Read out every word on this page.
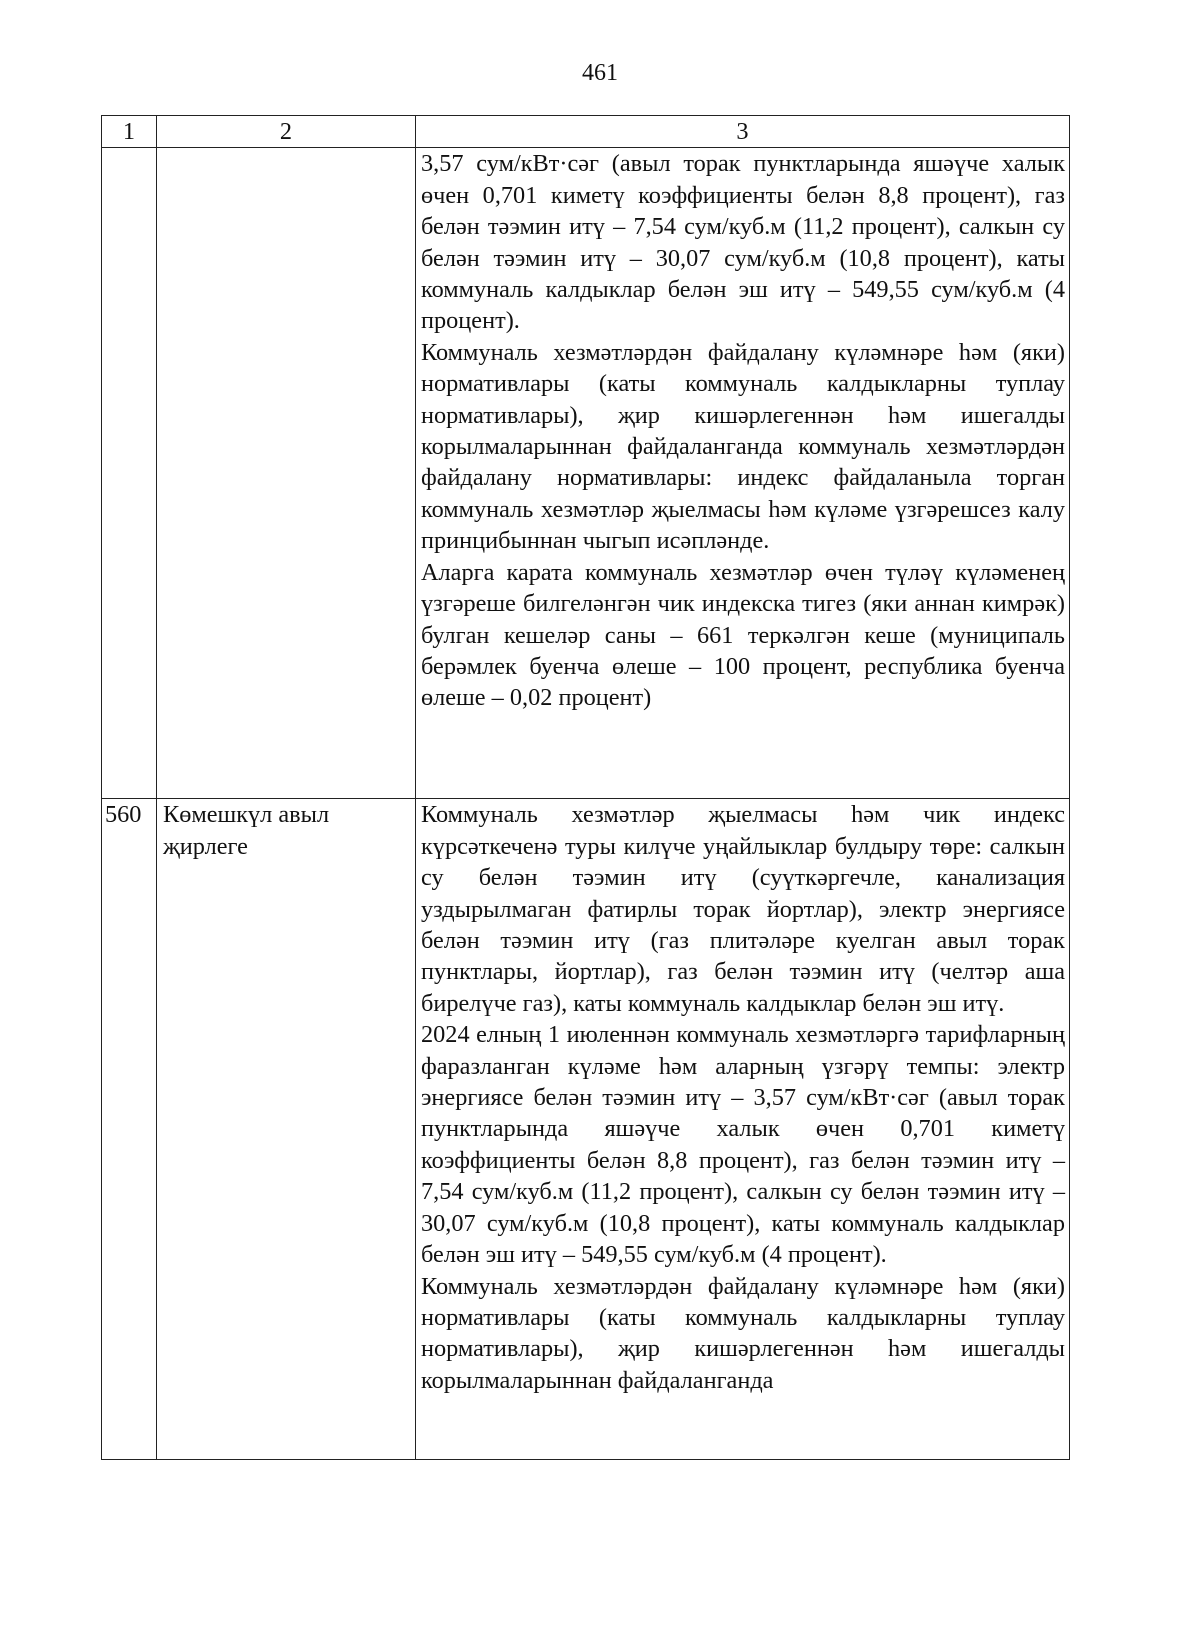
461
1	2	3

		3,57 сум/кВт·сәг (авыл торак пунктларында яшәүче халык өчен 0,701 киметү коэффициенты белән 8,8 процент), газ белән тәэмин итү – 7,54 сум/куб.м (11,2 процент), салкын су белән тәэмин итү – 30,07 сум/куб.м (10,8 процент), каты коммуналь калдыклар белән эш итү – 549,55 сум/куб.м (4 процент).

Коммуналь хезмәтләрдән файдалану күләмнәре һәм (яки) нормативлары (каты коммуналь калдыкларны туплау нормативлары), җир кишәрлегеннән һәм ишегалды корылмаларыннан файдаланганда коммуналь хезмәтләрдән файдалану нормативлары: индекс файдаланыла торган коммуналь хезмәтләр җыелмасы һәм күләме үзгәрешсез калу принцибыннан чыгып исәпләнде.

Аларга карата коммуналь хезмәтләр өчен түләү күләменең үзгәреше билгеләнгән чик индекска тигез (яки аннан кимрәк) булган кешеләр саны – 661 теркәлгән кеше (муниципаль берәмлек буенча өлеше – 100 процент, республика буенча өлеше – 0,02 процент)

560	Көмешкүл авыл җирлеге	Коммуналь хезмәтләр җыелмасы һәм чик индекс күрсәткеченә туры килүче уңайлыклар булдыру төре: салкын су белән тәэмин итү (суүткәргечле, канализация уздырылмаган фатирлы торак йортлар), электр энергиясе белән тәэмин итү (газ плитәләре куелган авыл торак пунктлары, йортлар), газ белән тәэмин итү (челтәр аша бирелүче газ), каты коммуналь калдыклар белән эш итү.

2024 елның 1 июленнән коммуналь хезмәтләргә тарифларның фаразланган күләме һәм аларның үзгәрү темпы: электр энергиясе белән тәэмин итү – 3,57 сум/кВт·сәг (авыл торак пунктларында яшәүче халык өчен 0,701 киметү коэффициенты белән 8,8 процент), газ белән тәэмин итү – 7,54 сум/куб.м (11,2 процент), салкын су белән тәэмин итү – 30,07 сум/куб.м (10,8 процент), каты коммуналь калдыклар белән эш итү – 549,55 сум/куб.м (4 процент).

Коммуналь хезмәтләрдән файдалану күләмнәре һәм (яки) нормативлары (каты коммуналь калдыкларны туплау нормативлары), җир кишәрлегеннән һәм ишегалды корылмаларыннан файдаланганда
